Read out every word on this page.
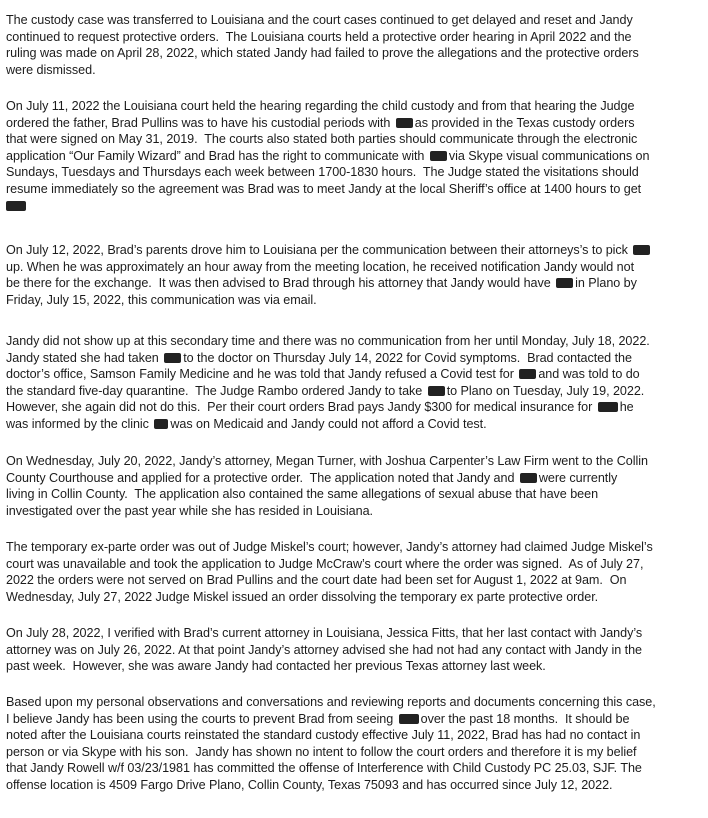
The custody case was transferred to Louisiana and the court cases continued to get delayed and reset and Jandy
continued to request protective orders.  The Louisiana courts held a protective order hearing in April 2022 and the
ruling was made on April 28, 2022, which stated Jandy had failed to prove the allegations and the protective orders
were dismissed.

On July 11, 2022 the Louisiana court held the hearing regarding the child custody and from that hearing the Judge
ordered the father, Brad Pullins was to have his custodial periods with as provided in the Texas custody orders
that were signed on May 31, 2019.  The courts also stated both parties should communicate through the electronic
application “Our Family Wizard” and Brad has the right to communicate with via Skype visual communications on
Sundays, Tuesdays and Thursdays each week between 1700-1830 hours.  The Judge stated the visitations should
resume immediately so the agreement was Brad was to meet Jandy at the local Sheriff’s office at 1400 hours to get

On July 12, 2022, Brad’s parents drove him to Louisiana per the communication between their attorneys’s to pick
up. When he was approximately an hour away from the meeting location, he received notification Jandy would not
be there for the exchange.  It was then advised to Brad through his attorney that Jandy would have in Plano by
Friday, July 15, 2022, this communication was via email.

Jandy did not show up at this secondary time and there was no communication from her until Monday, July 18, 2022.
Jandy stated she had taken to the doctor on Thursday July 14, 2022 for Covid symptoms.  Brad contacted the
doctor’s office, Samson Family Medicine and he was told that Jandy refused a Covid test for and was told to do
the standard five-day quarantine.  The Judge Rambo ordered Jandy to take to Plano on Tuesday, July 19, 2022.
However, she again did not do this.  Per their court orders Brad pays Jandy $300 for medical insurance for he
was informed by the clinic was on Medicaid and Jandy could not afford a Covid test.

On Wednesday, July 20, 2022, Jandy’s attorney, Megan Turner, with Joshua Carpenter’s Law Firm went to the Collin
County Courthouse and applied for a protective order.  The application noted that Jandy and were currently
living in Collin County.  The application also contained the same allegations of sexual abuse that have been
investigated over the past year while she has resided in Louisiana.

The temporary ex-parte order was out of Judge Miskel’s court; however, Jandy’s attorney had claimed Judge Miskel’s
court was unavailable and took the application to Judge McCraw’s court where the order was signed.  As of July 27,
2022 the orders were not served on Brad Pullins and the court date had been set for August 1, 2022 at 9am.  On
Wednesday, July 27, 2022 Judge Miskel issued an order dissolving the temporary ex parte protective order.

On July 28, 2022, I verified with Brad’s current attorney in Louisiana, Jessica Fitts, that her last contact with Jandy’s
attorney was on July 26, 2022. At that point Jandy’s attorney advised she had not had any contact with Jandy in the
past week.  However, she was aware Jandy had contacted her previous Texas attorney last week.

Based upon my personal observations and conversations and reviewing reports and documents concerning this case,
I believe Jandy has been using the courts to prevent Brad from seeing over the past 18 months.  It should be
noted after the Louisiana courts reinstated the standard custody effective July 11, 2022, Brad has had no contact in
person or via Skype with his son.  Jandy has shown no intent to follow the court orders and therefore it is my belief
that Jandy Rowell w/f 03/23/1981 has committed the offense of Interference with Child Custody PC 25.03, SJF. The
offense location is 4509 Fargo Drive Plano, Collin County, Texas 75093 and has occurred since July 12, 2022.
